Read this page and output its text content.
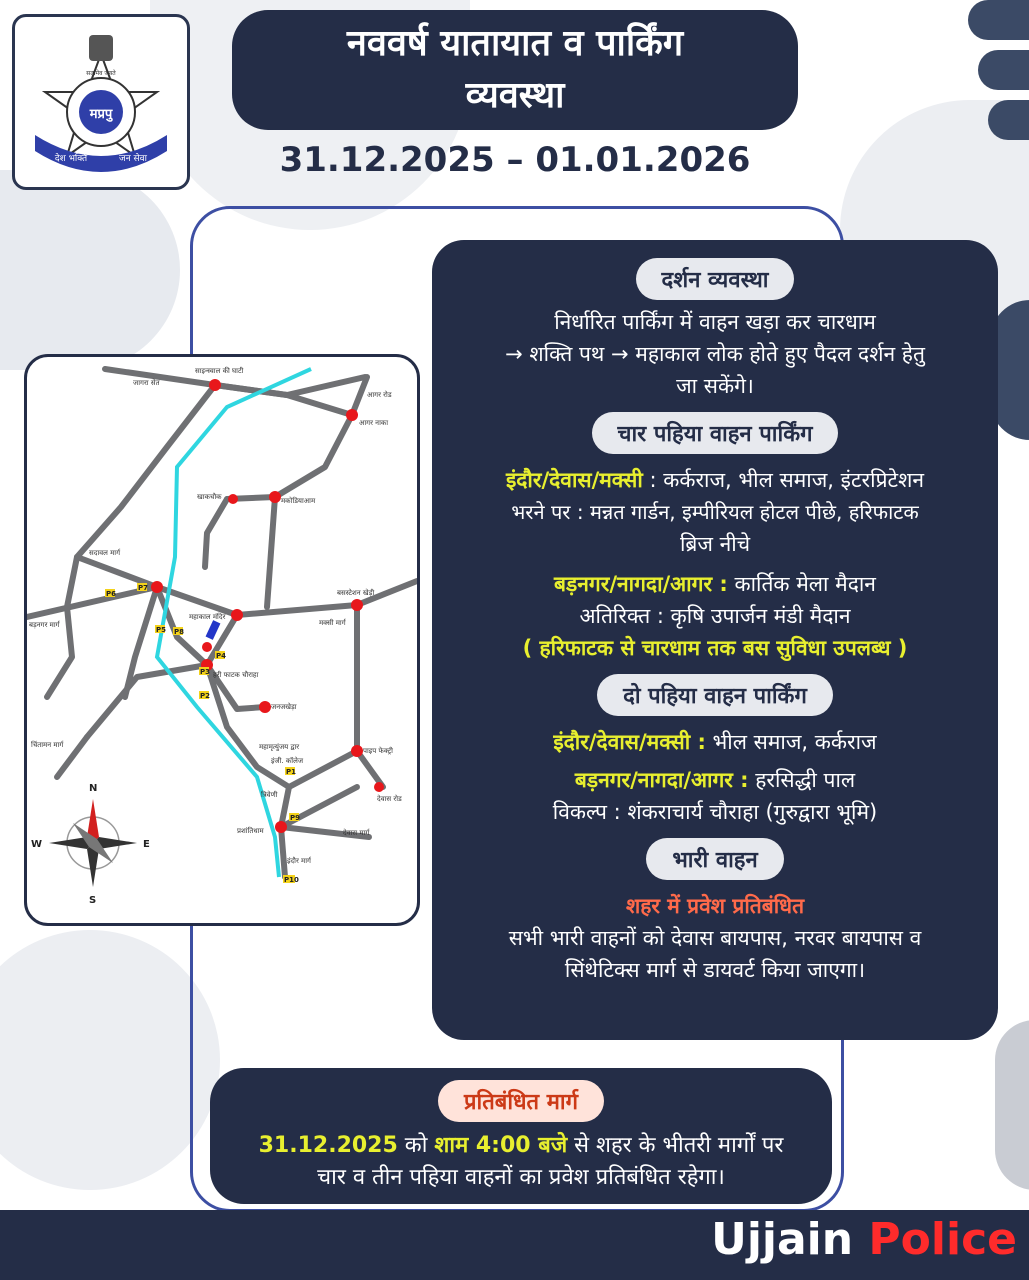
मप्रपु
सत्यमेव जयते
देश भक्ति	जन सेवा
नववर्ष यातायात व पार्किंग
व्यवस्था
31.12.2025 – 01.01.2026
P1
P2
P3
P4
P5
P6
P7
P8
P9
P10
साइन्स्वाल की घाटी
जागरा सेत
आगर नाका
आगर रोड
खाकचौक	मकोडियाआम
सदावल मार्ग
महाकाल मंदिर
हरी फाटक चौराहा
बसस्टेशन खेड़ी
मक्सी मार्ग
जनजखेड़ा
महामृत्युंजय द्वार
इंजी. कॉलेज
पाइप फेक्ट्री
त्रिवेणी
प्रशांतिधाम	देवास मार्ग
बड़नगर मार्ग
चिंतामन मार्ग
इंदौर मार्ग
देवास रोड
N
S
E
W
दर्शन व्यवस्था
निर्धारित पार्किंग में वाहन खड़ा कर चारधाम
→ शक्ति पथ → महाकाल लोक होते हुए पैदल दर्शन हेतु
जा सकेंगे।
चार पहिया वाहन पार्किंग
इंदौर/देवास/मक्सी : कर्कराज, भील समाज, इंटरप्रिटेशन
भरने पर : मन्नत गार्डन, इम्पीरियल होटल पीछे, हरिफाटक
ब्रिज नीचे
बड़नगर/नागदा/आगर : कार्तिक मेला मैदान
अतिरिक्त : कृषि उपार्जन मंडी मैदान
( हरिफाटक से चारधाम तक बस सुविधा उपलब्ध )
दो पहिया वाहन पार्किंग
इंदौर/देवास/मक्सी : भील समाज, कर्कराज
बड़नगर/नागदा/आगर : हरसिद्धी पाल
विकल्प : शंकराचार्य चौराहा (गुरुद्वारा भूमि)
भारी वाहन
शहर में प्रवेश प्रतिबंधित
सभी भारी वाहनों को देवास बायपास, नरवर बायपास व
सिंथेटिक्स मार्ग से डायवर्ट किया जाएगा।
प्रतिबंधित मार्ग
31.12.2025 को शाम 4:00 बजे से शहर के भीतरी मार्गों पर
चार व तीन पहिया वाहनों का प्रवेश प्रतिबंधित रहेगा।
Ujjain Police
